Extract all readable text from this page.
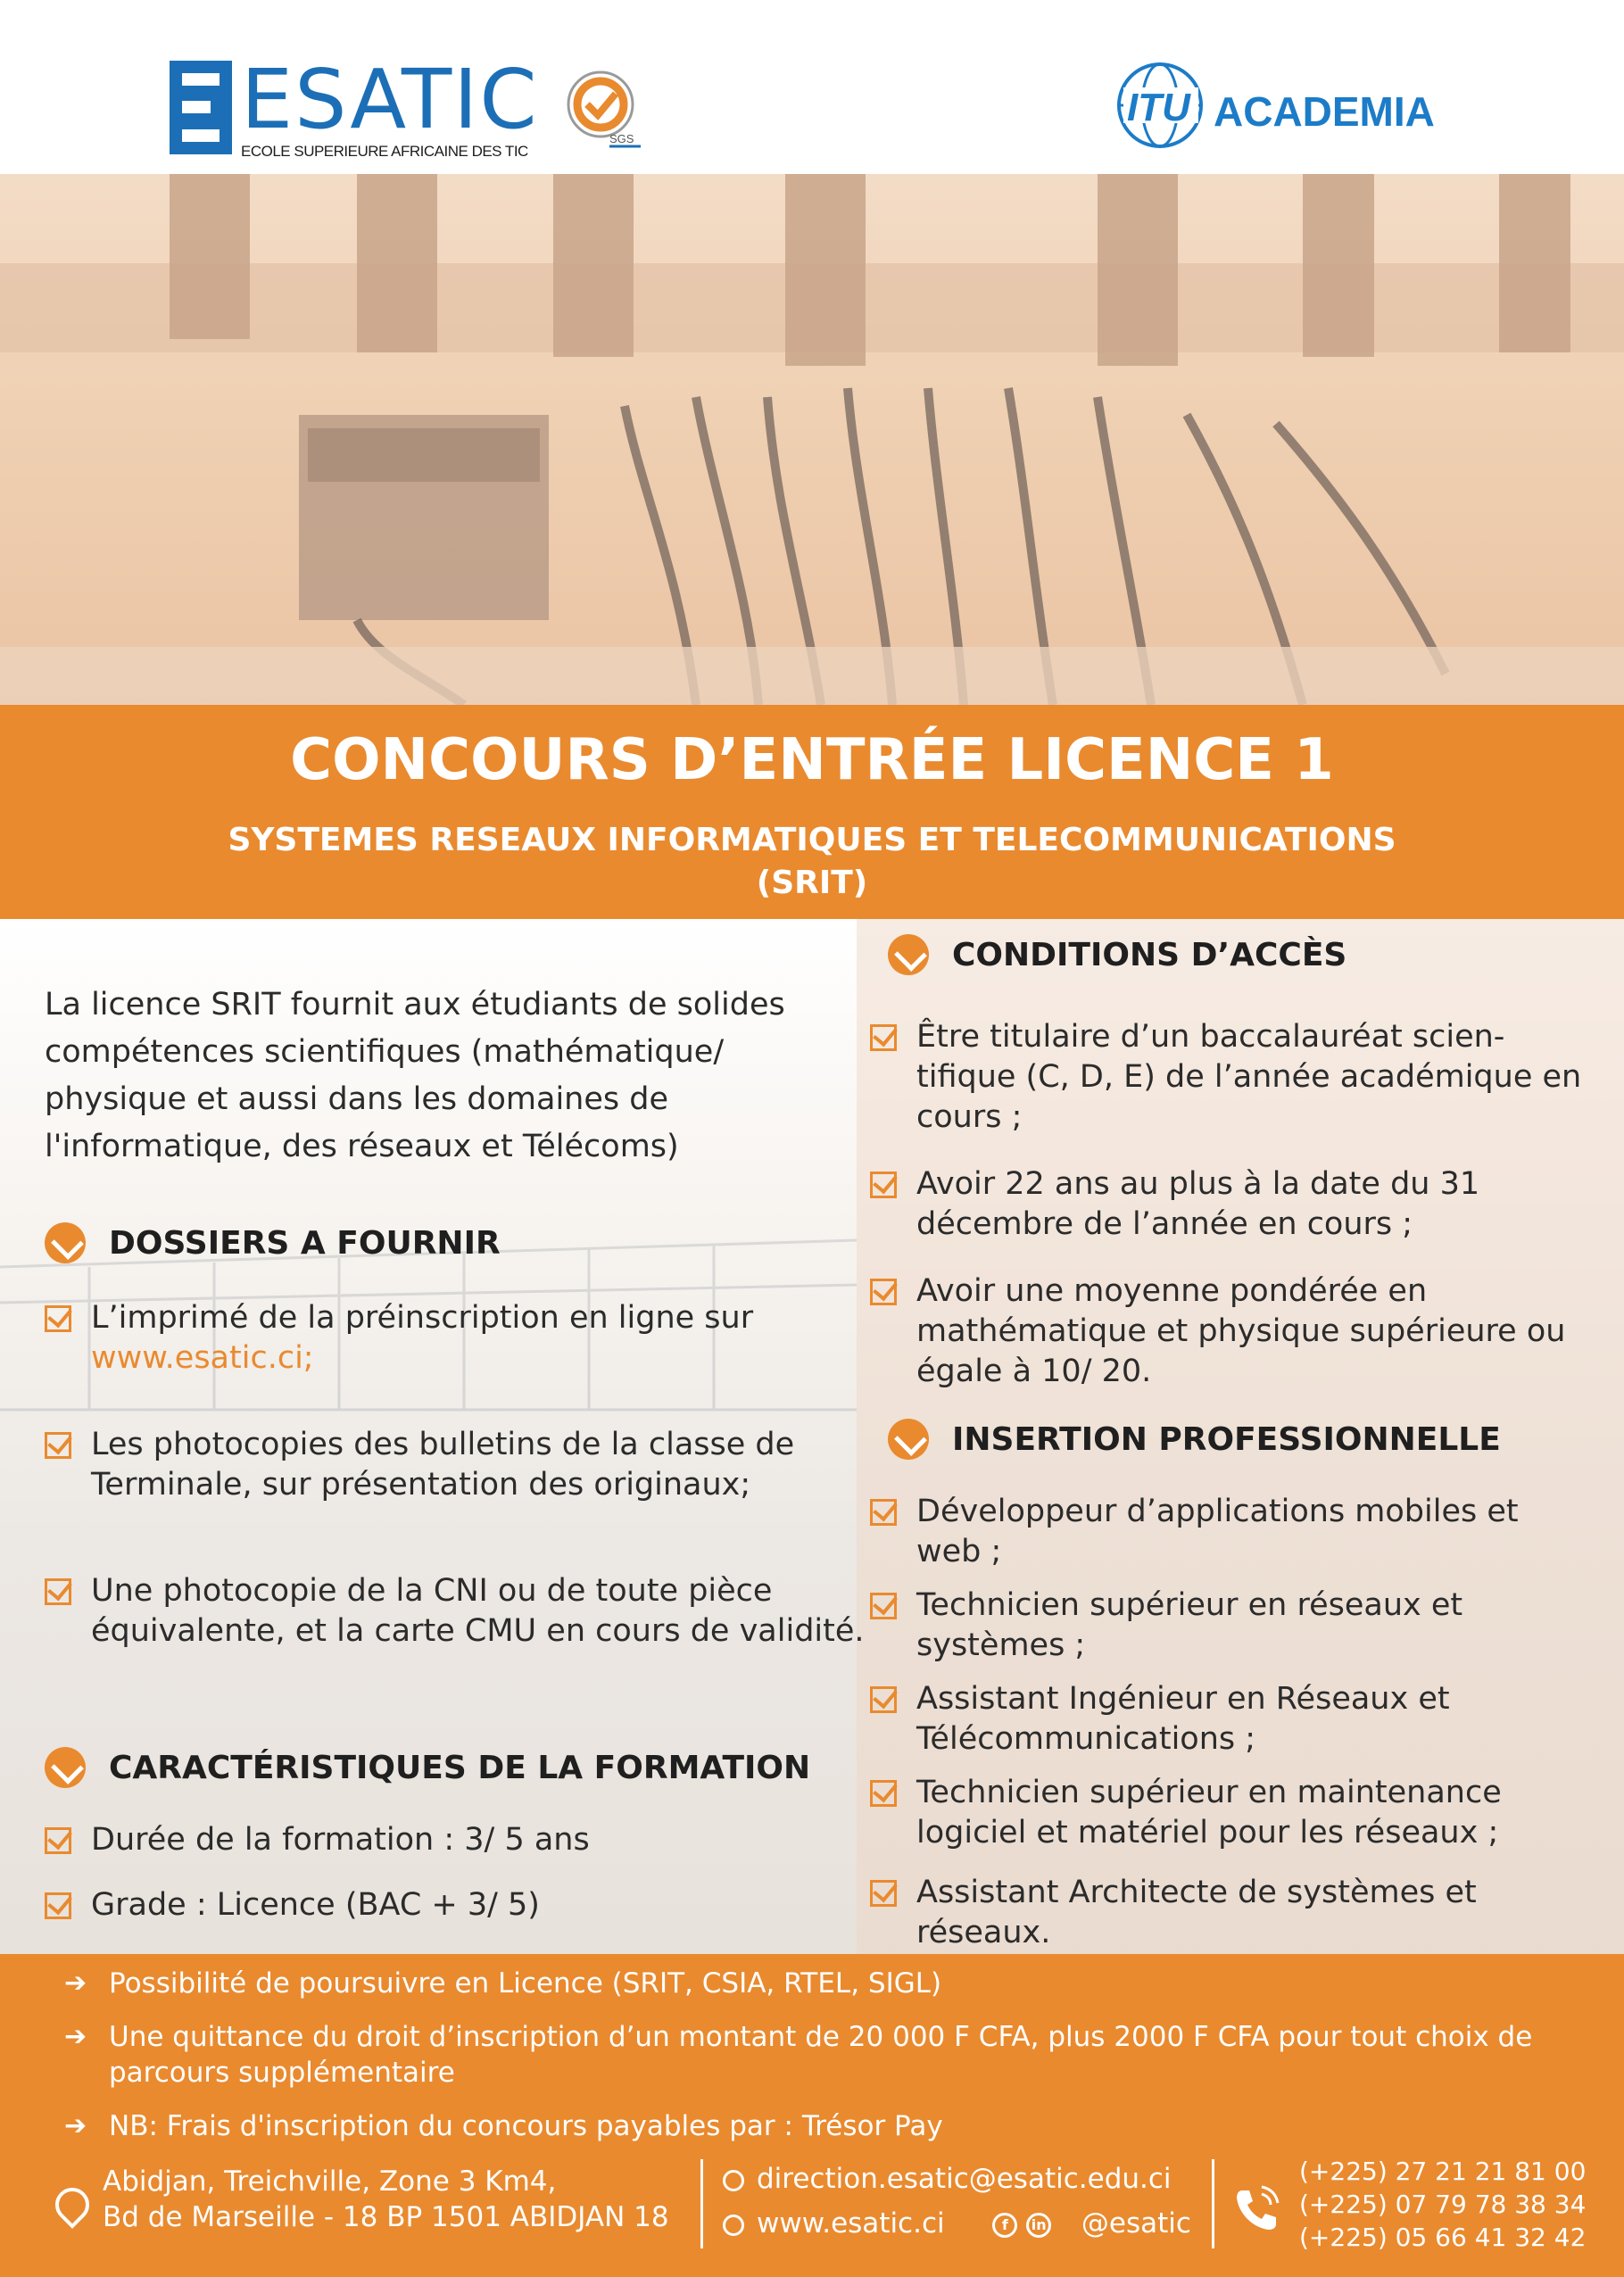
ESATIC
ECOLE SUPERIEURE AFRICAINE DES TIC
SGS
ITU ACADEMIA
CONCOURS D’ENTRÉE LICENCE 1
SYSTEMES RESEAUX INFORMATIQUES ET TELECOMMUNICATIONS
(SRIT)
La licence SRIT fournit aux étudiants de solides compétences scientifiques (mathématique/ physique et aussi dans les domaines de l'informatique, des réseaux et Télécoms)
DOSSIERS A FOURNIR
L’imprimé de la préinscription en ligne sur
www.esatic.ci;
Les photocopies des bulletins de la classe de Terminale, sur présentation des originaux;
Une photocopie de la CNI ou de toute pièce équivalente, et la carte CMU en cours de validité.
CARACTÉRISTIQUES DE LA FORMATION
Durée de la formation : 3/ 5 ans
Grade : Licence (BAC + 3/ 5)
CONDITIONS D’ACCÈS
Être titulaire d’un baccalauréat scien-tifique (C, D, E) de l’année académique en cours ;
Avoir 22 ans au plus à la date du 31 décembre de l’année en cours ;
Avoir une moyenne pondérée en mathématique et physique supérieure ou égale à 10/ 20.
INSERTION PROFESSIONNELLE
Développeur d’applications mobiles et web ;
Technicien supérieur en réseaux et systèmes ;
Assistant Ingénieur en Réseaux et Télécommunications ;
Technicien supérieur en maintenance logiciel et matériel pour les réseaux ;
Assistant Architecte de systèmes et réseaux.
➔ Possibilité de poursuivre en Licence (SRIT, CSIA, RTEL, SIGL)
➔ Une quittance du droit d’inscription d’un montant de 20 000 F CFA, plus 2000 F CFA pour tout choix de parcours supplémentaire
➔ NB: Frais d'inscription du concours payables par : Trésor Pay
Abidjan, Treichville, Zone 3 Km4,
Bd de Marseille - 18 BP 1501 ABIDJAN 18
direction.esatic@esatic.edu.ci
www.esatic.ci	f in @esatic
(+225) 27 21 21 81 00
(+225) 07 79 78 38 34
(+225) 05 66 41 32 42
